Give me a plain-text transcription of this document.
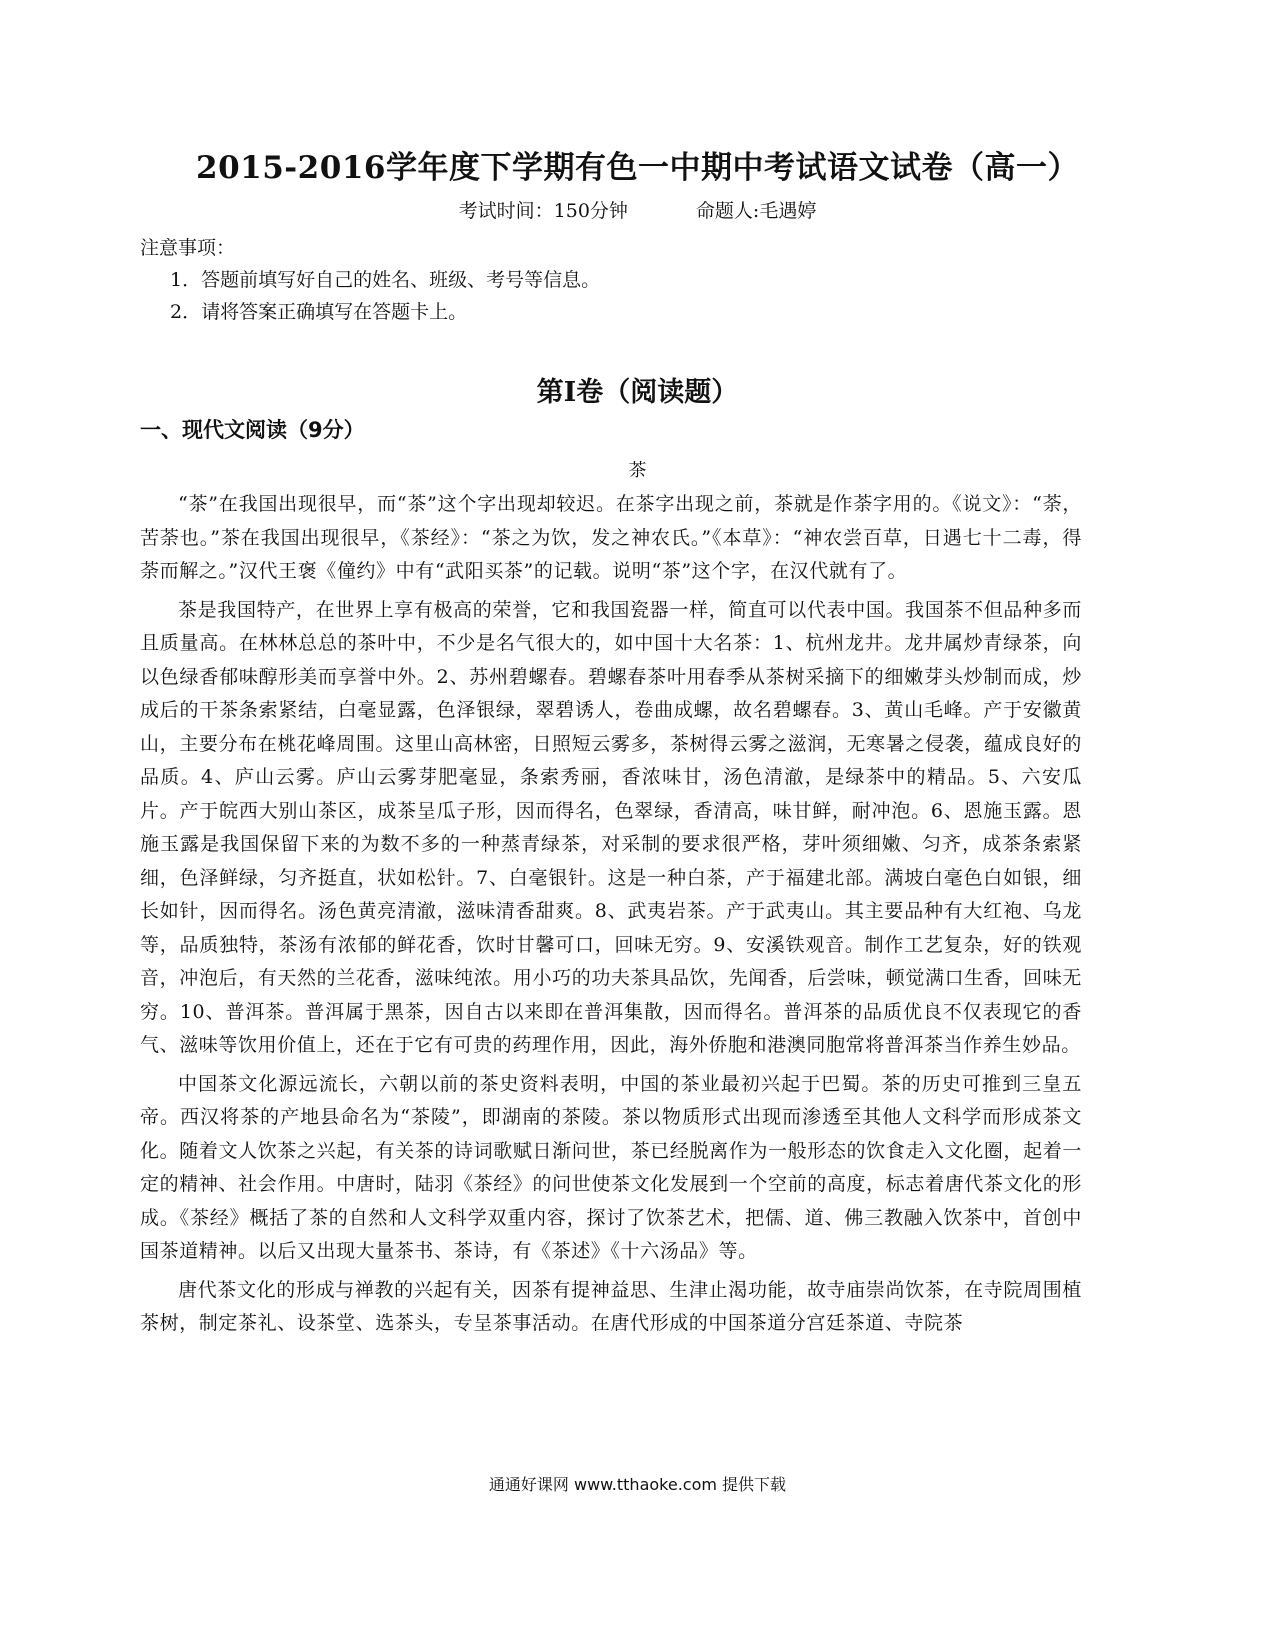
2015-2016学年度下学期有色一中期中考试语文试卷（高一）
考试时间：150分钟	命题人:毛遇婷
注意事项：
1．答题前填写好自己的姓名、班级、考号等信息。
2．请将答案正确填写在答题卡上。
第Ⅰ卷（阅读题）
一、现代文阅读（9分）
茶

“茶”在我国出现很早，而“茶”这个字出现却较迟。在茶字出现之前，茶就是作荼字用的。《说文》：“荼，苦荼也。”茶在我国出现很早，《茶经》：“茶之为饮，发之神农氏。”《本草》：“神农尝百草，日遇七十二毒，得荼而解之。”汉代王褒《僮约》中有“武阳买茶”的记载。说明“茶”这个字，在汉代就有了。

茶是我国特产，在世界上享有极高的荣誉，它和我国瓷器一样，简直可以代表中国。我国茶不但品种多而且质量高。在林林总总的茶叶中，不少是名气很大的，如中国十大名茶：1、杭州龙井。龙井属炒青绿茶，向以色绿香郁味醇形美而享誉中外。2、苏州碧螺春。碧螺春茶叶用春季从茶树采摘下的细嫩芽头炒制而成，炒成后的干茶条索紧结，白毫显露，色泽银绿，翠碧诱人，卷曲成螺，故名碧螺春。3、黄山毛峰。产于安徽黄山，主要分布在桃花峰周围。这里山高林密，日照短云雾多，茶树得云雾之滋润，无寒暑之侵袭，蕴成良好的品质。4、庐山云雾。庐山云雾芽肥毫显，条索秀丽，香浓味甘，汤色清澈，是绿茶中的精品。5、六安瓜片。产于皖西大别山茶区，成茶呈瓜子形，因而得名，色翠绿，香清高，味甘鲜，耐冲泡。6、恩施玉露。恩施玉露是我国保留下来的为数不多的一种蒸青绿茶，对采制的要求很严格，芽叶须细嫩、匀齐，成茶条索紧细，色泽鲜绿，匀齐挺直，状如松针。7、白毫银针。这是一种白茶，产于福建北部。满坡白毫色白如银，细长如针，因而得名。汤色黄亮清澈，滋味清香甜爽。8、武夷岩茶。产于武夷山。其主要品种有大红袍、乌龙等，品质独特，茶汤有浓郁的鲜花香，饮时甘馨可口，回味无穷。9、安溪铁观音。制作工艺复杂，好的铁观音，冲泡后，有天然的兰花香，滋味纯浓。用小巧的功夫茶具品饮，先闻香，后尝味，顿觉满口生香，回味无穷。10、普洱茶。普洱属于黑茶，因自古以来即在普洱集散，因而得名。普洱茶的品质优良不仅表现它的香气、滋味等饮用价值上，还在于它有可贵的药理作用，因此，海外侨胞和港澳同胞常将普洱茶当作养生妙品。

中国茶文化源远流长，六朝以前的茶史资料表明，中国的茶业最初兴起于巴蜀。茶的历史可推到三皇五帝。西汉将茶的产地县命名为“茶陵”，即湖南的茶陵。茶以物质形式出现而渗透至其他人文科学而形成茶文化。随着文人饮茶之兴起，有关茶的诗词歌赋日渐问世，茶已经脱离作为一般形态的饮食走入文化圈，起着一定的精神、社会作用。中唐时，陆羽《茶经》的问世使茶文化发展到一个空前的高度，标志着唐代茶文化的形成。《茶经》概括了茶的自然和人文科学双重内容，探讨了饮茶艺术，把儒、道、佛三教融入饮茶中，首创中国茶道精神。以后又出现大量茶书、茶诗，有《茶述》《十六汤品》等。

唐代茶文化的形成与禅教的兴起有关，因茶有提神益思、生津止渴功能，故寺庙崇尚饮茶，在寺院周围植茶树，制定茶礼、设茶堂、选茶头，专呈茶事活动。在唐代形成的中国茶道分宫廷茶道、寺院茶

通通好课网 www.tthaoke.com 提供下载
